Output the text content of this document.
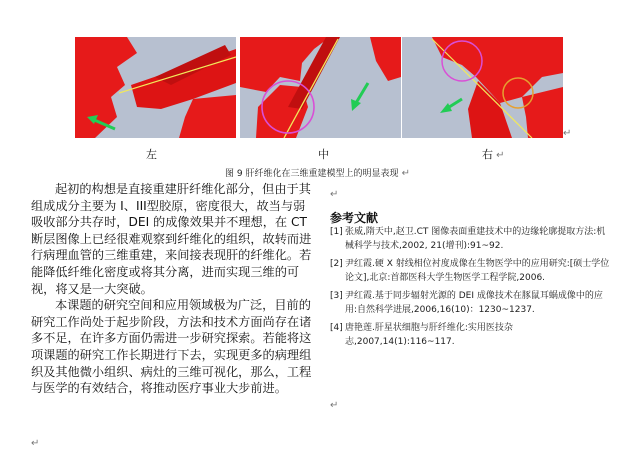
↵
左	中	右 ↵
图 9 肝纤维化在三维重建模型上的明显表现 ↵

起初的构想是直接重建肝纤维化部分，但由于其组成成分主要为 I、III型胶原，密度很大，故当与弱吸收部分共存时，DEI 的成像效果并不理想，在 CT 断层图像上已经很难观察到纤维化的组织，故转而进行病理血管的三维重建，来间接表现肝的纤维化。若能降低纤维化密度或将其分离，进而实现三维的可视，将又是一大突破。

本课题的研究空间和应用领域极为广泛，目前的研究工作尚处于起步阶段，方法和技术方面尚存在诸多不足，在许多方面仍需进一步研究探索。若能将这项课题的研究工作长期进行下去，实现更多的病理组织及其他微小组织、病灶的三维可视化，那么，工程与医学的有效结合，将推动医疗事业大步前进。

↵
↵
参考文献
[1] 张威,隋天中,赵卫.CT 图像表面重建技术中的边缘轮廓提取方法:机械科学与技术,2002, 21(增刊):91~92.
[2] 尹红霞.硬 X 射线相位衬度成像在生物医学中的应用研究:[硕士学位论文],北京:首都医科大学生物医学工程学院,2006.
[3] 尹红霞.基于同步辐射光源的 DEI 成像技术在豚鼠耳蜗成像中的应用:自然科学进展,2006,16(10)：1230~1237.
[4] 唐艳莲.肝星状细胞与肝纤维化:实用医技杂志,2007,14(1):116~117.
↵
